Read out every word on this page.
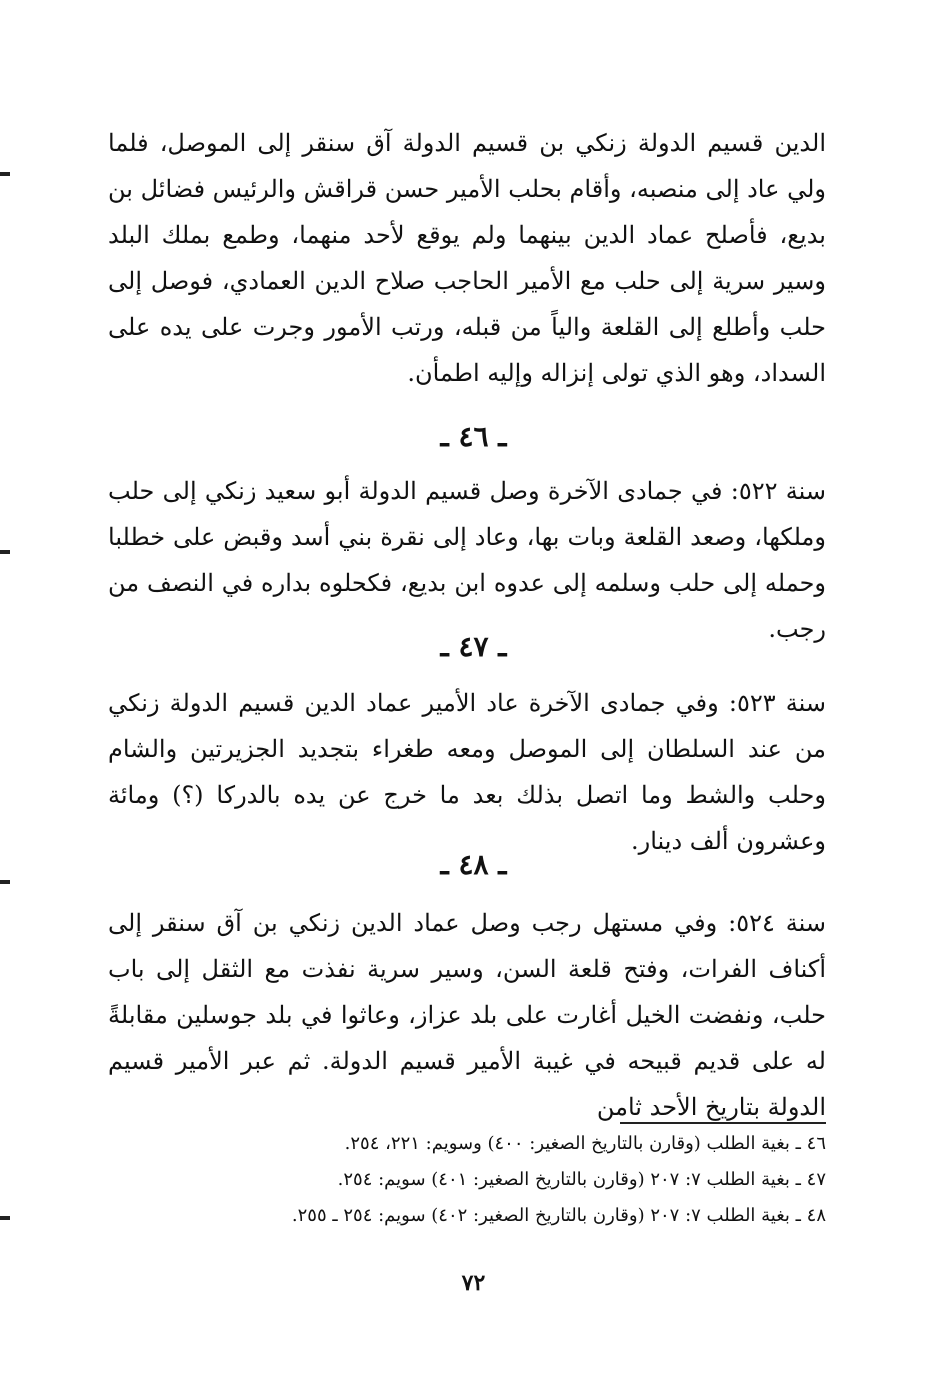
الدين قسيم الدولة زنكي بن قسيم الدولة آق سنقر إلى الموصل، فلما ولي عاد إلى منصبه، وأقام بحلب الأمير حسن قراقش والرئيس فضائل بن بديع، فأصلح عماد الدين بينهما ولم يوقع لأحد منهما، وطمع بملك البلد وسير سرية إلى حلب مع الأمير الحاجب صلاح الدين العمادي، فوصل إلى حلب وأطلع إلى القلعة والياً من قبله، ورتب الأمور وجرت على يده على السداد، وهو الذي تولى إنزاله وإليه اطمأن.

ـ ٤٦ ـ

سنة ٥٢٢: في جمادى الآخرة وصل قسيم الدولة أبو سعيد زنكي إلى حلب وملكها، وصعد القلعة وبات بها، وعاد إلى نقرة بني أسد وقبض على خطلبا وحمله إلى حلب وسلمه إلى عدوه ابن بديع، فكحلوه بداره في النصف من رجب.

ـ ٤٧ ـ

سنة ٥٢٣: وفي جمادى الآخرة عاد الأمير عماد الدين قسيم الدولة زنكي من عند السلطان إلى الموصل ومعه طغراء بتجديد الجزيرتين والشام وحلب والشط وما اتصل بذلك بعد ما خرج عن يده بالدركا (؟) ومائة وعشرون ألف دينار.

ـ ٤٨ ـ

سنة ٥٢٤: وفي مستهل رجب وصل عماد الدين زنكي بن آق سنقر إلى أكناف الفرات، وفتح قلعة السن، وسير سرية نفذت مع الثقل إلى باب حلب، ونفضت الخيل أغارت على بلد عزاز، وعاثوا في بلد جوسلين مقابلةً له على قديم قبيحه في غيبة الأمير قسيم الدولة. ثم عبر الأمير قسيم الدولة بتاريخ الأحد ثامن

٤٦ ـ بغية الطلب (وقارن بالتاريخ الصغير: ٤٠٠) وسويم: ٢٢١، ٢٥٤.
٤٧ ـ بغية الطلب ٧: ٢٠٧ (وقارن بالتاريخ الصغير: ٤٠١) سويم: ٢٥٤.
٤٨ ـ بغية الطلب ٧: ٢٠٧ (وقارن بالتاريخ الصغير: ٤٠٢) سويم: ٢٥٤ ـ ٢٥٥.
٧٢
